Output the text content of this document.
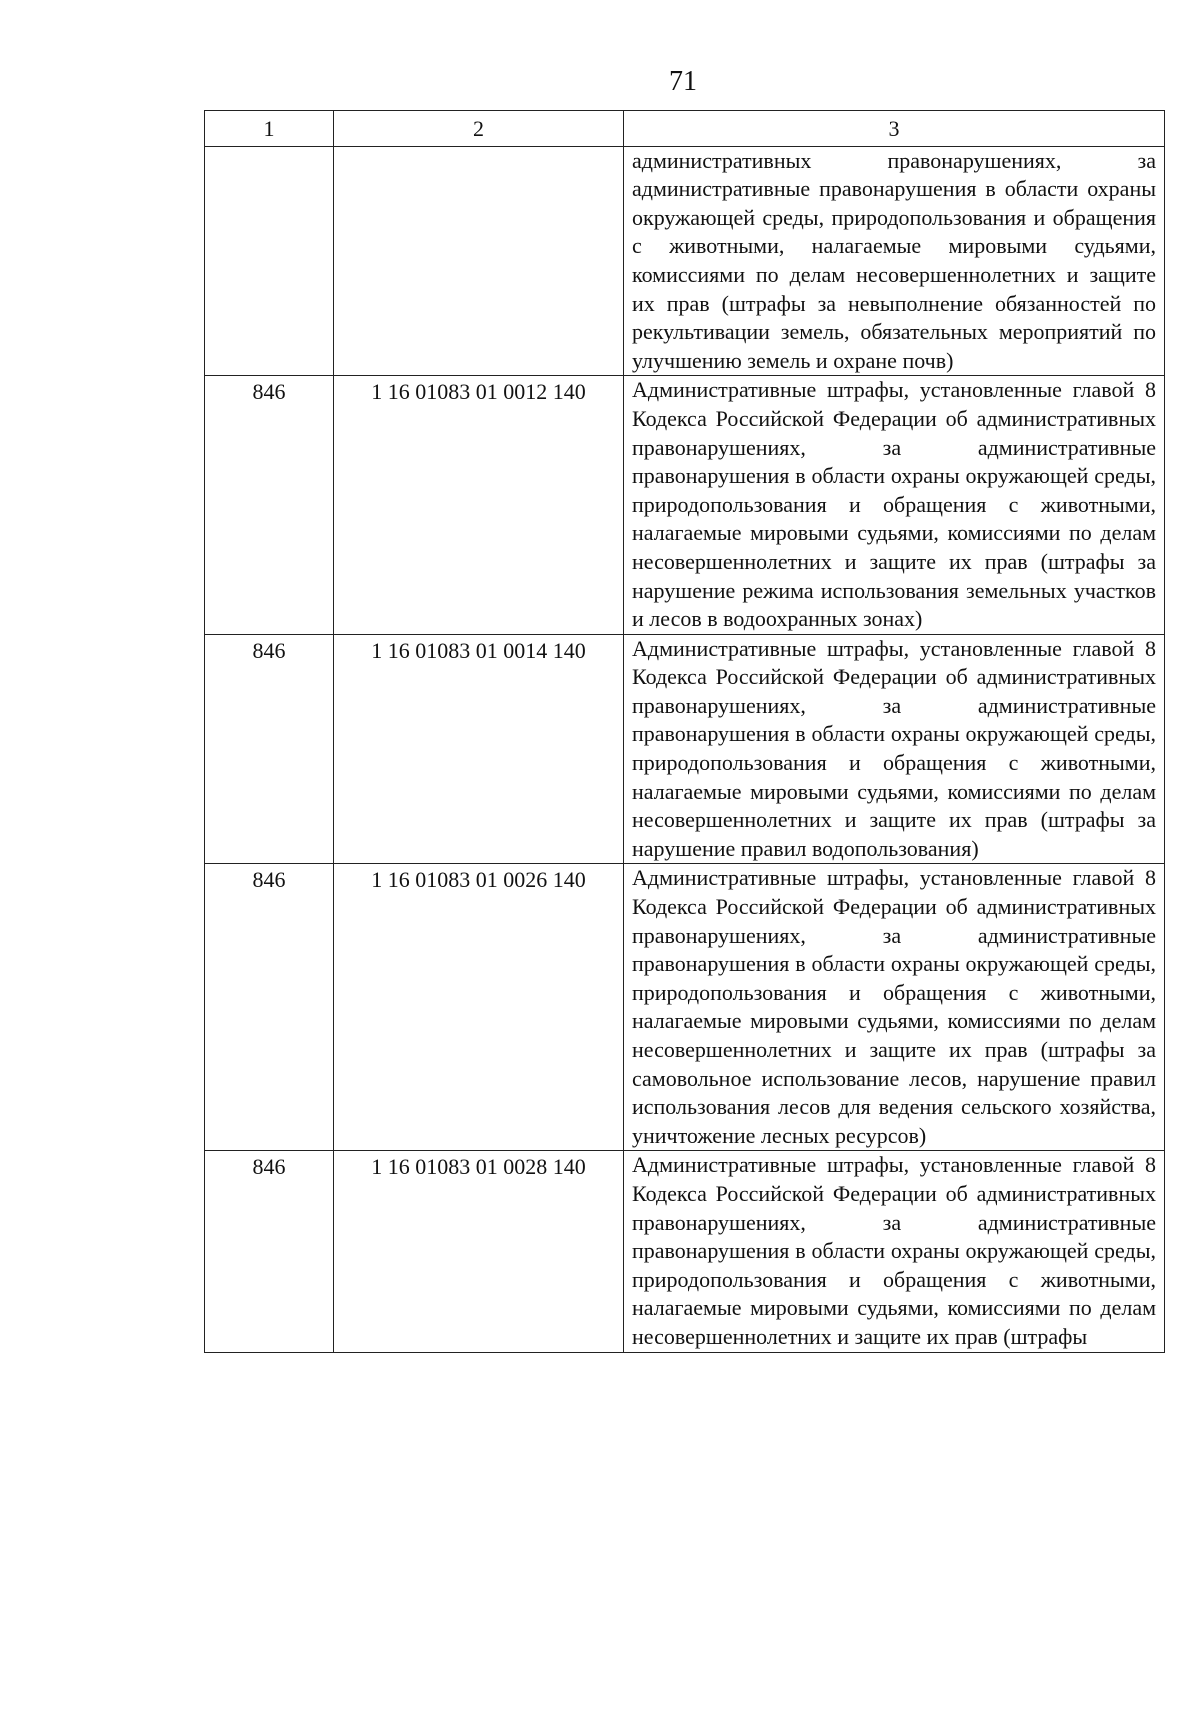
71
1	2	3
		административных правонарушениях, за административные правонарушения в области охраны окружающей среды, природопользования и обращения с животными, налагаемые мировыми судьями, комиссиями по делам несовершеннолетних и защите их прав (штрафы за невыполнение обязанностей по рекультивации земель, обязательных мероприятий по улучшению земель и охране почв)
846	1 16 01083 01 0012 140	Административные штрафы, установленные главой 8 Кодекса Российской Федерации об административных правонарушениях, за административные правонарушения в области охраны окружающей среды, природопользования и обращения с животными, налагаемые мировыми судьями, комиссиями по делам несовершеннолетних и защите их прав (штрафы за нарушение режима использования земельных участков и лесов в водоохранных зонах)
846	1 16 01083 01 0014 140	Административные штрафы, установленные главой 8 Кодекса Российской Федерации об административных правонарушениях, за административные правонарушения в области охраны окружающей среды, природопользования и обращения с животными, налагаемые мировыми судьями, комиссиями по делам несовершеннолетних и защите их прав (штрафы за нарушение правил водопользования)
846	1 16 01083 01 0026 140	Административные штрафы, установленные главой 8 Кодекса Российской Федерации об административных правонарушениях, за административные правонарушения в области охраны окружающей среды, природопользования и обращения с животными, налагаемые мировыми судьями, комиссиями по делам несовершеннолетних и защите их прав (штрафы за самовольное использование лесов, нарушение правил использования лесов для ведения сельского хозяйства, уничтожение лесных ресурсов)
846	1 16 01083 01 0028 140	Административные штрафы, установленные главой 8 Кодекса Российской Федерации об административных правонарушениях, за административные правонарушения в области охраны окружающей среды, природопользования и обращения с животными, налагаемые мировыми судьями, комиссиями по делам несовершеннолетних и защите их прав (штрафы
